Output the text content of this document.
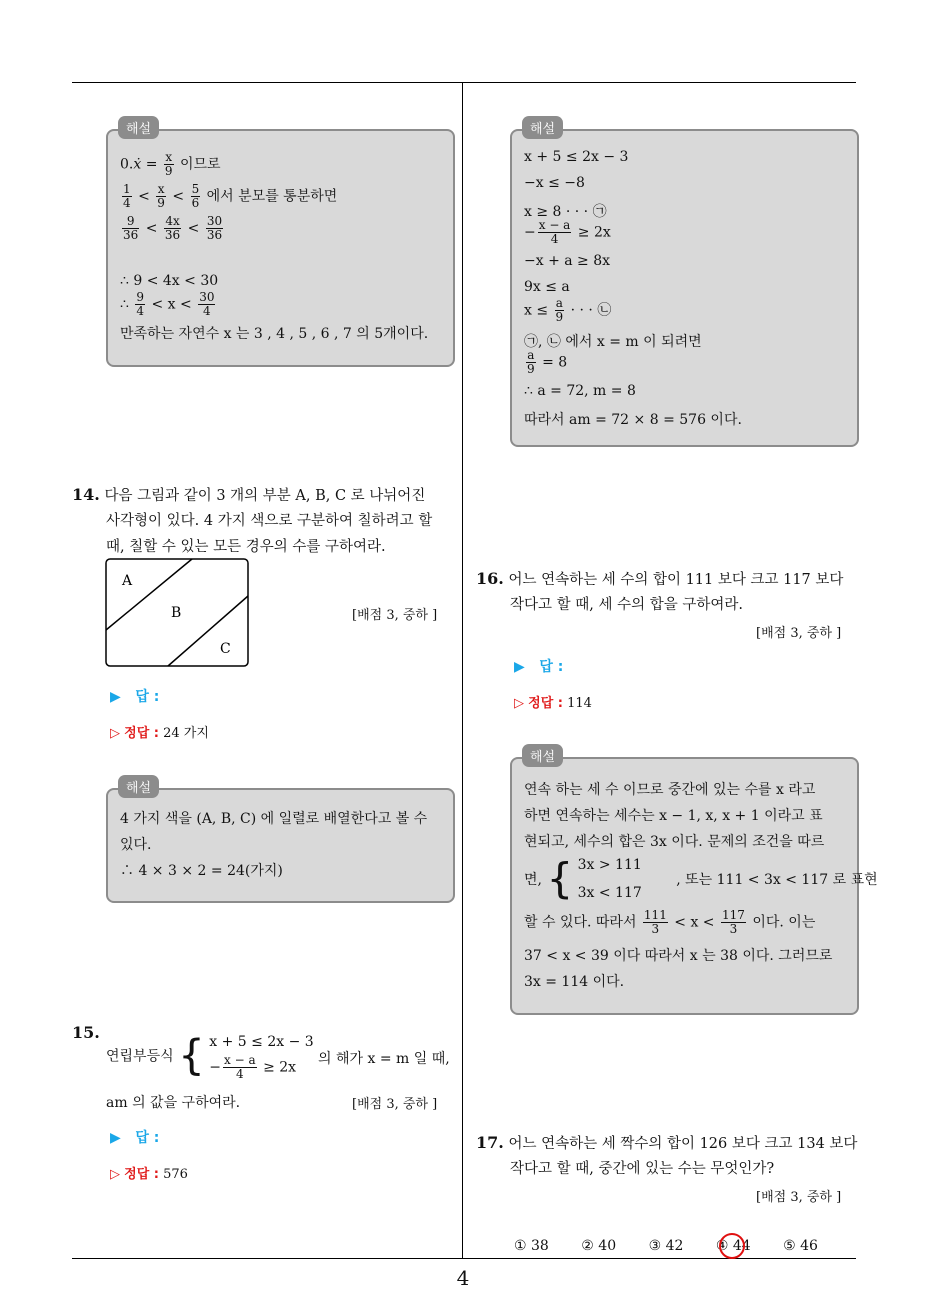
4
0.ẋ = $\frac{x}{9}$ 이므로
$\frac{1}{4} < \frac{x}{9} < \frac{5}{6}$ 에서 분모를 통분하면
$\frac{9}{36} < \frac{4x}{36} < \frac{30}{36}$
∴ 9 < 4x < 30
∴ $\frac{9}{4} < x < \frac{30}{4}$
만족하는 자연수 x 는 3 , 4 , 5 , 6 , 7 의 5개이다.
해설
14. 다음 그림과 같이 3 개의 부분 A, B, C 로 나뉘어진
사각형이 있다. 4 가지 색으로 구분하여 칠하려고 할
때, 칠할 수 있는 모든 경우의 수를 구하여라.
A
B
C
[배점 3, 중하 ]
▶   답 :
▷ 정답 : 24 가지
4 가지 색을 (A, B, C) 에 일렬로 배열한다고 볼 수
있다.
∴ 4 × 3 × 2 = 24(가지)
해설
15.
연립부등식 { x + 5 ≤ 2x − 3
− $\frac{x - a}{4} \ge 2x$
의 해가 x = m 일 때,
am 의 값을 구하여라.	[배점 3, 중하 ]
▶   답 :
▷ 정답 : 576
x + 5 ≤ 2x − 3
−x ≤ −8
x ≥ 8 · · · ㉠
− $\frac{x - a}{4} \ge 2x$
−x + a ≥ 8x
9x ≤ a
$x \le \frac{a}{9}$ · · · ㉡
㉠, ㉡ 에서 x = m 이 되려면
$\frac{a}{9} = 8$
∴ a = 72, m = 8
따라서 am = 72 × 8 = 576 이다.
해설
16. 어느 연속하는 세 수의 합이 111 보다 크고 117 보다
작다고 할 때, 세 수의 합을 구하여라.
[배점 3, 중하 ]
▶   답 :
▷ 정답 : 114
연속 하는 세 수 이므로 중간에 있는 수를 x 라고
하면 연속하는 세수는 x − 1, x, x + 1 이라고 표
현되고, 세수의 합은 3x 이다. 문제의 조건을 따르
면, { 3x > 111
3x < 117
, 또는 111 < 3x < 117 로 표현
할 수 있다. 따라서 $\frac{111}{3} < x < \frac{117}{3}$ 이다. 이는
37 < x < 39 이다 따라서 x 는 38 이다. 그러므로
3x = 114 이다.
해설
17. 어느 연속하는 세 짝수의 합이 126 보다 크고 134 보다
작다고 할 때, 중간에 있는 수는 무엇인가?
[배점 3, 중하 ]
① 38 ② 40 ③ 42 ④ 44 ⑤ 46
